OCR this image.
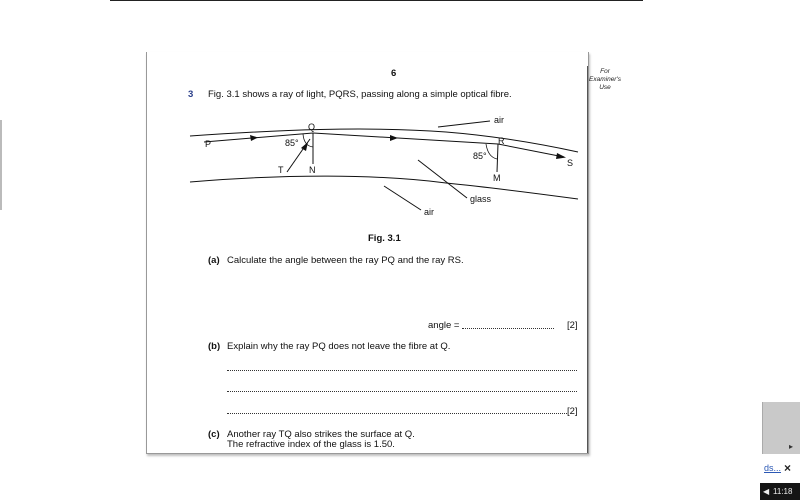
For
Examiner's
Use
6
3 Fig. 3.1 shows a ray of light, PQRS, passing along a simple optical fibre.
P
Q
R
S
T	N
M
85°
85°
air
glass
air
Fig. 3.1
(a) Calculate the angle between the ray PQ and the ray RS.
angle =	[2]
(b) Explain why the ray PQ does not leave the fibre at Q.
[2]
(c) Another ray TQ also strikes the surface at Q.
The refractive index of the glass is 1.50.	▸
ds... ×
◀ 11:18
